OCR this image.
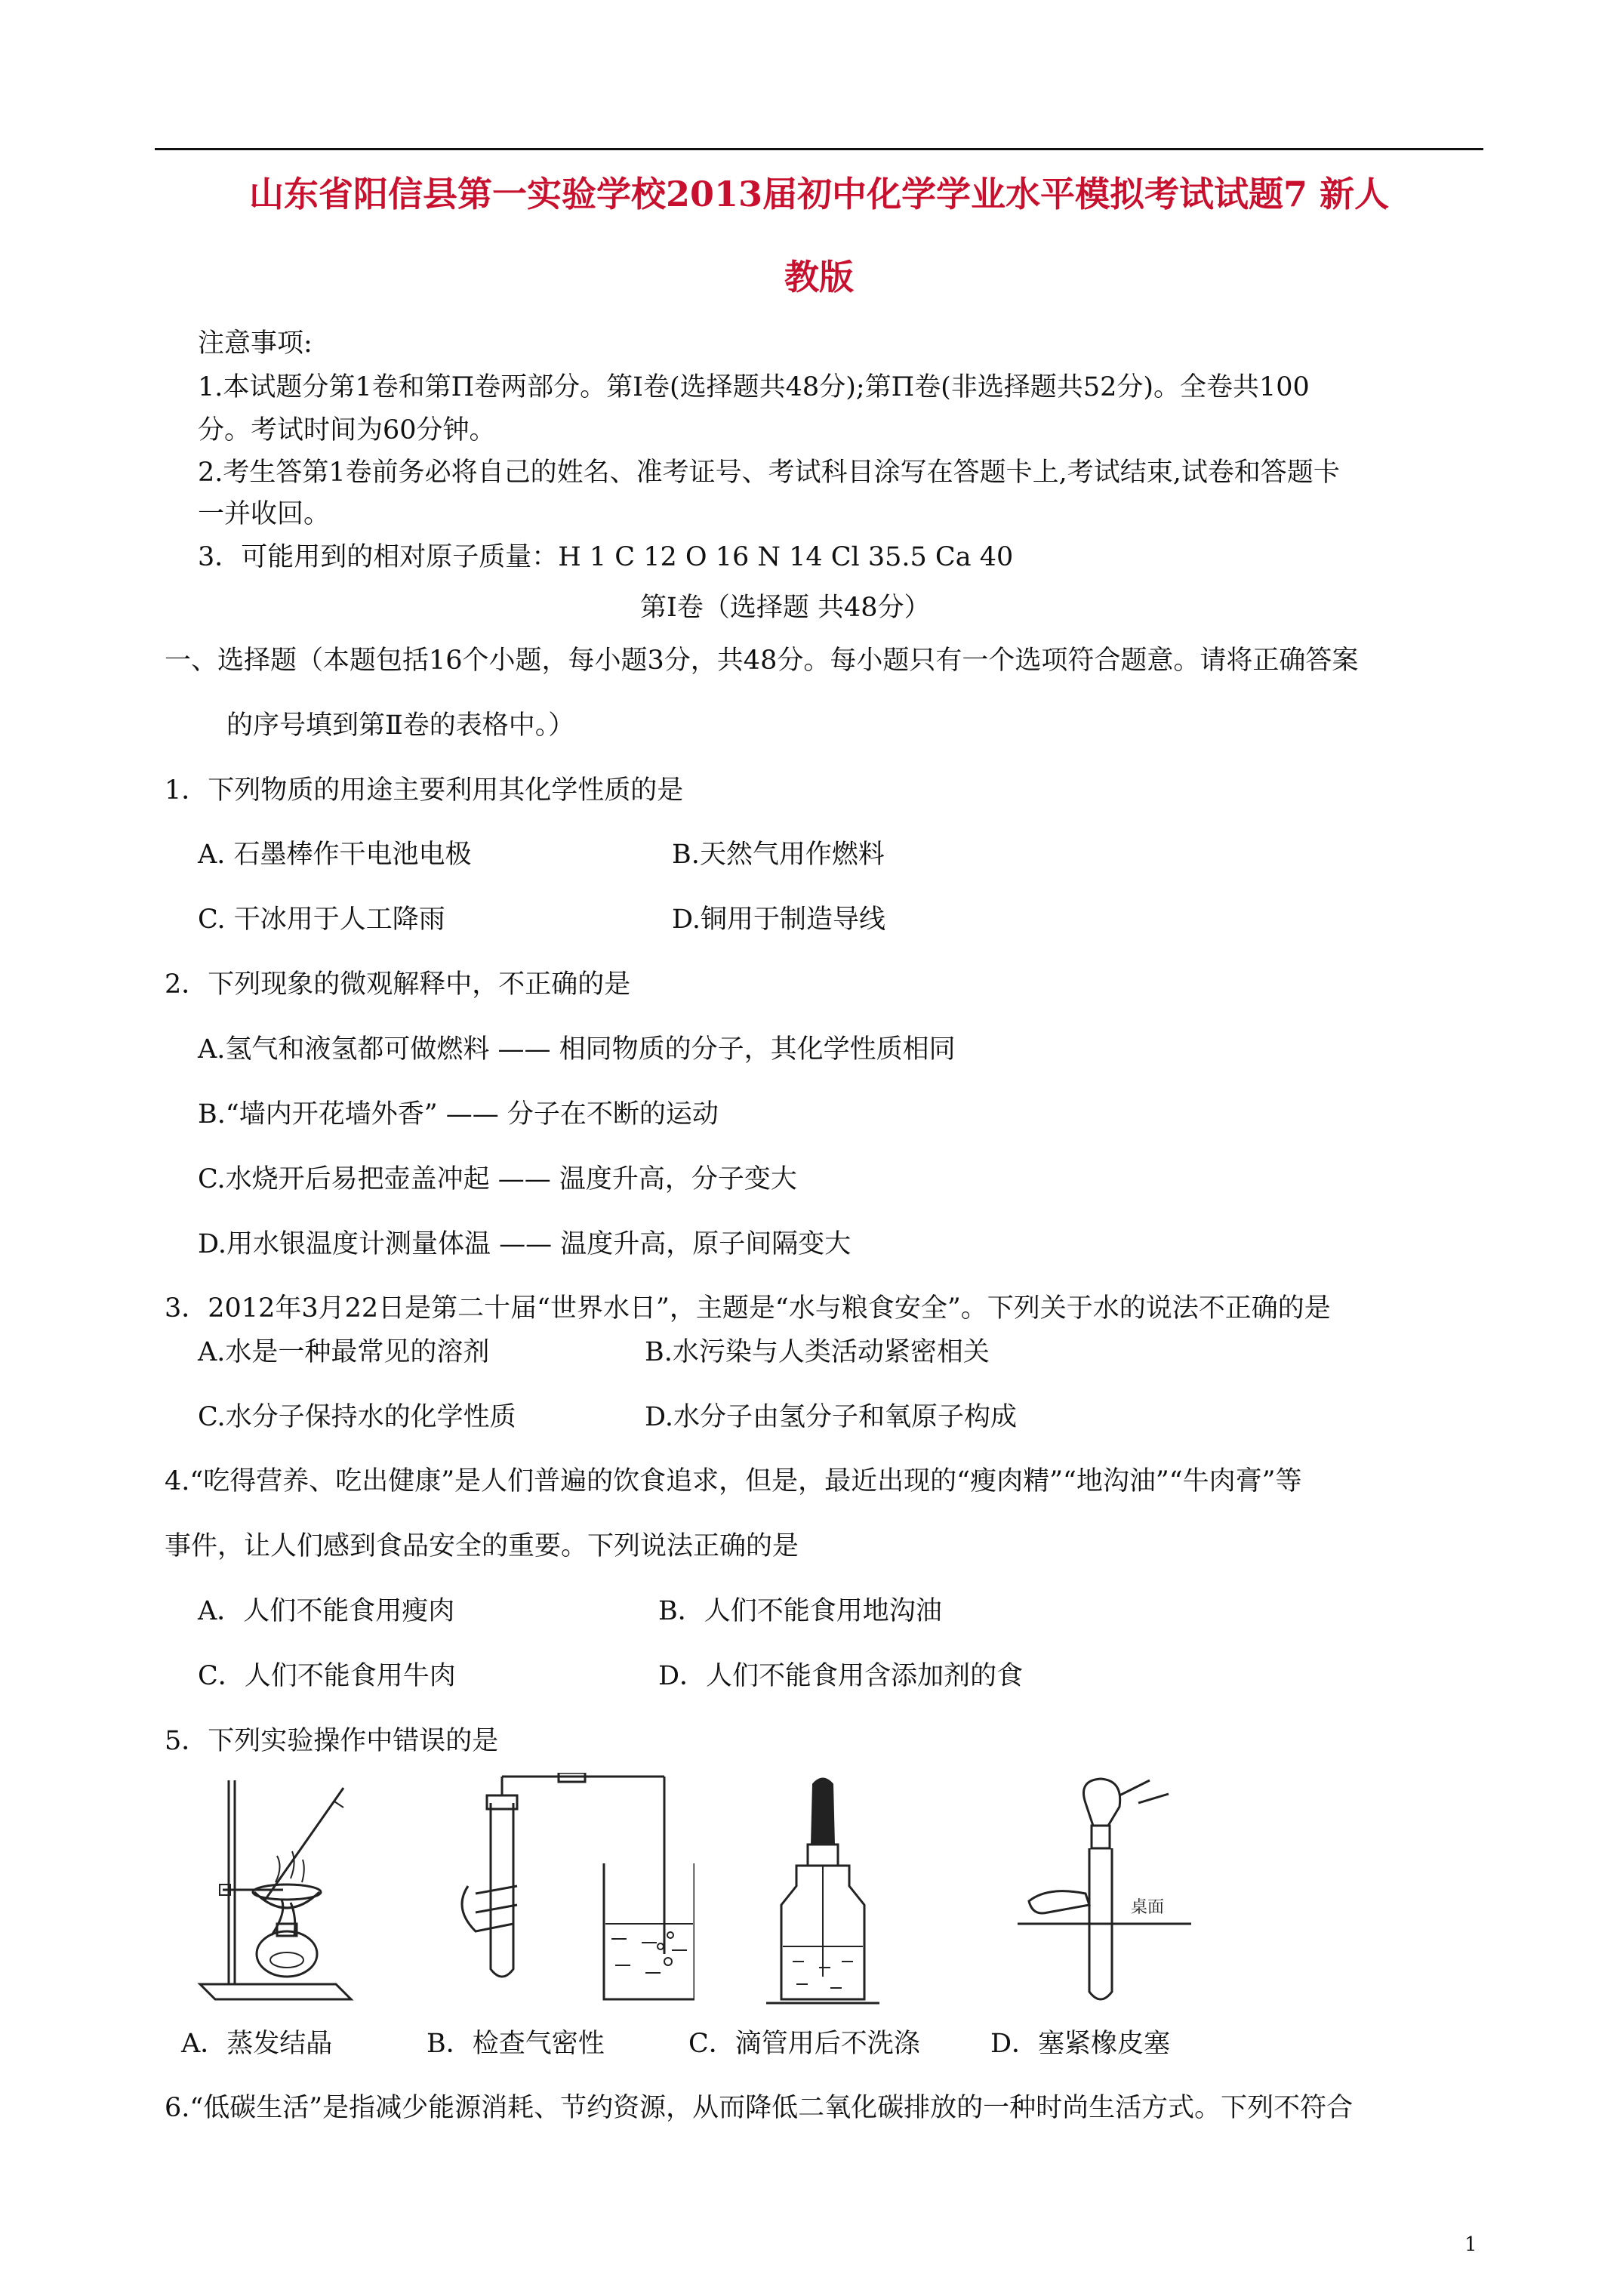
山东省阳信县第一实验学校2013届初中化学学业水平模拟考试试题7 新人
教版
注意事项:
1.本试题分第1卷和第Π卷两部分。第Ⅰ卷(选择题共48分);第Π卷(非选择题共52分)。全卷共100
分。考试时间为60分钟。
2.考生答第1卷前务必将自己的姓名、准考证号、考试科目涂写在答题卡上,考试结束,试卷和答题卡
一并收回。
3．可能用到的相对原子质量：H 1 C 12 O 16 N 14 Cl 35.5 Ca 40
第Ⅰ卷（选择题 共48分）
一、选择题（本题包括16个小题，每小题3分，共48分。每小题只有一个选项符合题意。请将正确答案
的序号填到第Ⅱ卷的表格中。）
1．下列物质的用途主要利用其化学性质的是
A. 石墨棒作干电池电极	B.天然气用作燃料
C. 干冰用于人工降雨	D.铜用于制造导线
2．下列现象的微观解释中，不正确的是
A.氢气和液氢都可做燃料 —— 相同物质的分子，其化学性质相同
B.“墙内开花墙外香” —— 分子在不断的运动
C.水烧开后易把壶盖冲起 —— 温度升高，分子变大
D.用水银温度计测量体温 —— 温度升高，原子间隔变大
3．2012年3月22日是第二十届“世界水日”，主题是“水与粮食安全”。下列关于水的说法不正确的是
A.水是一种最常见的溶剂	B.水污染与人类活动紧密相关
C.水分子保持水的化学性质	D.水分子由氢分子和氧原子构成
4.“吃得营养、吃出健康”是人们普遍的饮食追求，但是，最近出现的“瘦肉精”“地沟油”“牛肉膏”等
事件，让人们感到食品安全的重要。下列说法正确的是
A．人们不能食用瘦肉	B．人们不能食用地沟油
C．人们不能食用牛肉	D．人们不能食用含添加剂的食
5．下列实验操作中错误的是
桌面
A．蒸发结晶	B．检查气密性	C．滴管用后不洗涤	D．塞紧橡皮塞
6.“低碳生活”是指减少能源消耗、节约资源，从而降低二氧化碳排放的一种时尚生活方式。下列不符合
1
